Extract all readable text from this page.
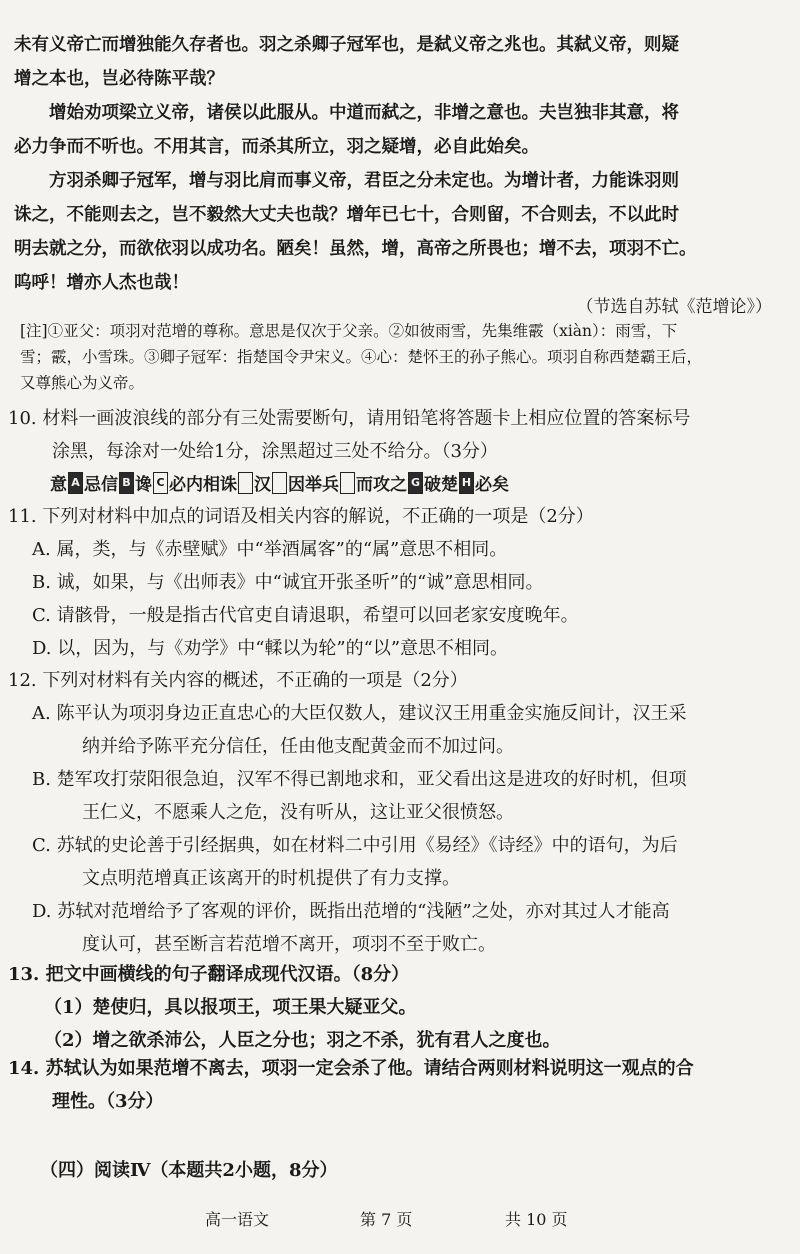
未有义帝亡而增独能久存者也。羽之杀卿子冠军也，是弑义帝之兆也。其弑义帝，则疑

增之本也，岂必待陈平哉？

增始劝项梁立义帝，诸侯以此服从。中道而弑之，非增之意也。夫岂独非其意，将

必力争而不听也。不用其言，而杀其所立，羽之疑增，必自此始矣。

方羽杀卿子冠军，增与羽比肩而事义帝，君臣之分未定也。为增计者，力能诛羽则

诛之，不能则去之，岂不毅然大丈夫也哉？增年已七十，合则留，不合则去，不以此时

明去就之分，而欲依羽以成功名。陋矣！虽然，增，高帝之所畏也；增不去，项羽不亡。

呜呼！增亦人杰也哉！

（节选自苏轼《范增论》）
[注]①亚父：项羽对范增的尊称。意思是仅次于父亲。②如彼雨雪，先集维霰（xiàn）：雨雪，下
雪；霰，小雪珠。③卿子冠军：指楚国令尹宋义。④心：楚怀王的孙子熊心。项羽自称西楚霸王后，
又尊熊心为义帝。

10. 材料一画波浪线的部分有三处需要断句，请用铅笔将答题卡上相应位置的答案标号

涂黑，每涂对一处给1分，涂黑超过三处不给分。（3分）

意 A 忌信 B 谗 C 必内相诛 汉 因举兵 而攻之 G 破楚 H 必矣

11. 下列对材料中加点的词语及相关内容的解说，不正确的一项是（2分）

A. 属，类，与《赤壁赋》中“举酒属客”的“属”意思不相同。

B. 诚，如果，与《出师表》中“诚宜开张圣听”的“诚”意思相同。

C. 请骸骨，一般是指古代官吏自请退职，希望可以回老家安度晚年。

D. 以，因为，与《劝学》中“輮以为轮”的“以”意思不相同。

12. 下列对材料有关内容的概述，不正确的一项是（2分）

A. 陈平认为项羽身边正直忠心的大臣仅数人，建议汉王用重金实施反间计，汉王采

纳并给予陈平充分信任，任由他支配黄金而不加过问。

B. 楚军攻打荥阳很急迫，汉军不得已割地求和，亚父看出这是进攻的好时机，但项

王仁义，不愿乘人之危，没有听从，这让亚父很愤怒。

C. 苏轼的史论善于引经据典，如在材料二中引用《易经》《诗经》中的语句，为后

文点明范增真正该离开的时机提供了有力支撑。

D. 苏轼对范增给予了客观的评价，既指出范增的“浅陋”之处，亦对其过人才能高

度认可，甚至断言若范增不离开，项羽不至于败亡。

13. 把文中画横线的句子翻译成现代汉语。（8分）

（1）楚使归，具以报项王，项王果大疑亚父。

（2）增之欲杀沛公，人臣之分也；羽之不杀，犹有君人之度也。

14. 苏轼认为如果范增不离去，项羽一定会杀了他。请结合两则材料说明这一观点的合

理性。（3分）

（四）阅读Ⅳ（本题共2小题，8分）
高一语文	第 7 页	共 10 页
